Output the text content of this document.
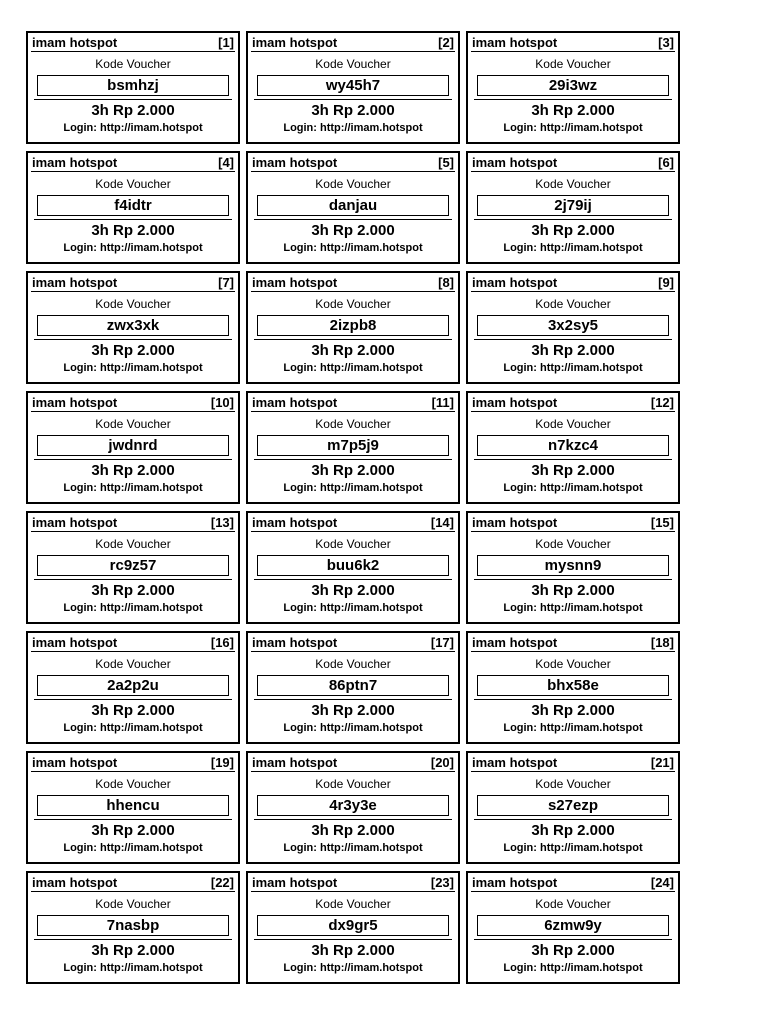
imam hotspot	[1]
Kode Voucher
bsmhzj
3h Rp 2.000
Login: http://imam.hotspot
imam hotspot	[2]
Kode Voucher
wy45h7
3h Rp 2.000
Login: http://imam.hotspot
imam hotspot	[3]
Kode Voucher
29i3wz
3h Rp 2.000
Login: http://imam.hotspot
imam hotspot	[4]
Kode Voucher
f4idtr
3h Rp 2.000
Login: http://imam.hotspot
imam hotspot	[5]
Kode Voucher
danjau
3h Rp 2.000
Login: http://imam.hotspot
imam hotspot	[6]
Kode Voucher
2j79ij
3h Rp 2.000
Login: http://imam.hotspot
imam hotspot	[7]
Kode Voucher
zwx3xk
3h Rp 2.000
Login: http://imam.hotspot
imam hotspot	[8]
Kode Voucher
2izpb8
3h Rp 2.000
Login: http://imam.hotspot
imam hotspot	[9]
Kode Voucher
3x2sy5
3h Rp 2.000
Login: http://imam.hotspot
imam hotspot	[10]
Kode Voucher
jwdnrd
3h Rp 2.000
Login: http://imam.hotspot
imam hotspot	[11]
Kode Voucher
m7p5j9
3h Rp 2.000
Login: http://imam.hotspot
imam hotspot	[12]
Kode Voucher
n7kzc4
3h Rp 2.000
Login: http://imam.hotspot
imam hotspot	[13]
Kode Voucher
rc9z57
3h Rp 2.000
Login: http://imam.hotspot
imam hotspot	[14]
Kode Voucher
buu6k2
3h Rp 2.000
Login: http://imam.hotspot
imam hotspot	[15]
Kode Voucher
mysnn9
3h Rp 2.000
Login: http://imam.hotspot
imam hotspot	[16]
Kode Voucher
2a2p2u
3h Rp 2.000
Login: http://imam.hotspot
imam hotspot	[17]
Kode Voucher
86ptn7
3h Rp 2.000
Login: http://imam.hotspot
imam hotspot	[18]
Kode Voucher
bhx58e
3h Rp 2.000
Login: http://imam.hotspot
imam hotspot	[19]
Kode Voucher
hhencu
3h Rp 2.000
Login: http://imam.hotspot
imam hotspot	[20]
Kode Voucher
4r3y3e
3h Rp 2.000
Login: http://imam.hotspot
imam hotspot	[21]
Kode Voucher
s27ezp
3h Rp 2.000
Login: http://imam.hotspot
imam hotspot	[22]
Kode Voucher
7nasbp
3h Rp 2.000
Login: http://imam.hotspot
imam hotspot	[23]
Kode Voucher
dx9gr5
3h Rp 2.000
Login: http://imam.hotspot
imam hotspot	[24]
Kode Voucher
6zmw9y
3h Rp 2.000
Login: http://imam.hotspot
